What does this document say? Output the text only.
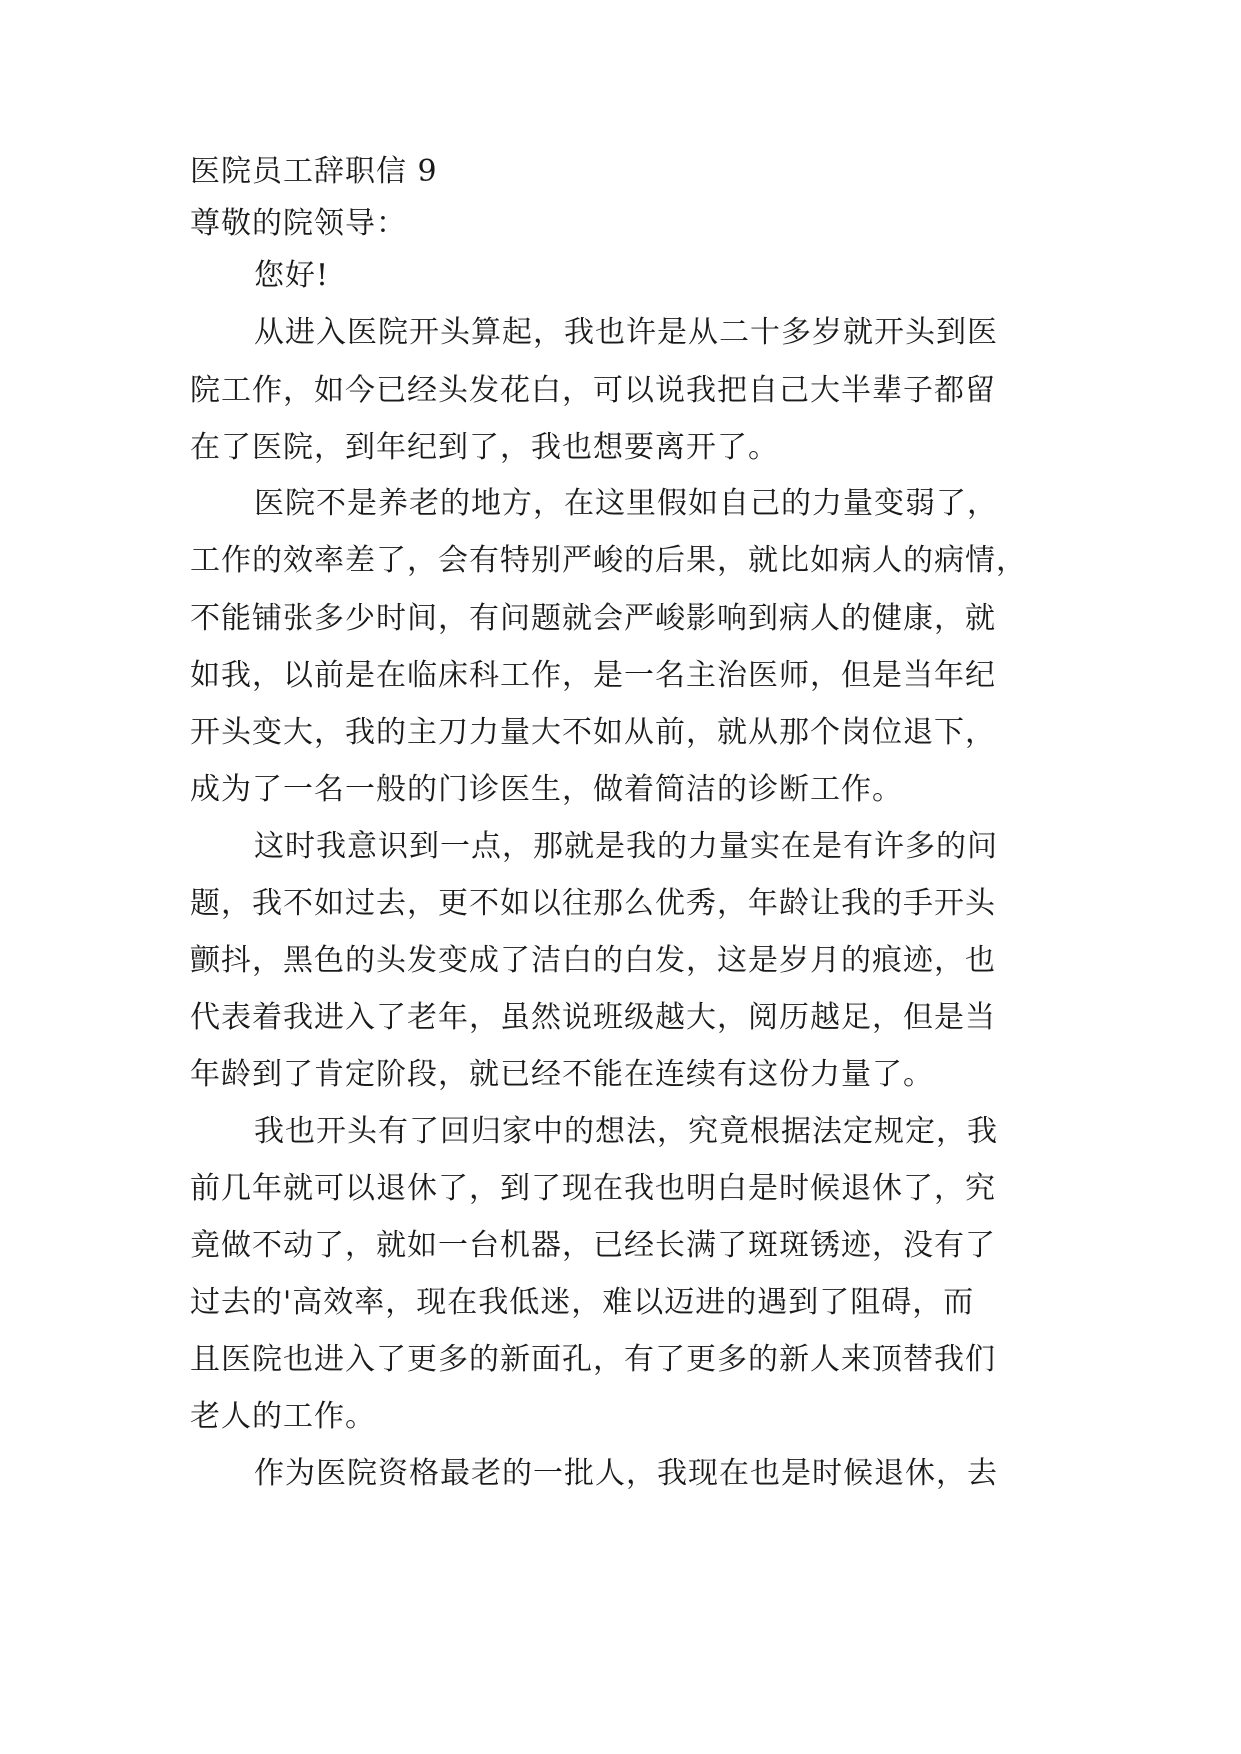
医院员工辞职信 9
尊敬的院领导：
您好!
从进入医院开头算起，我也许是从二十多岁就开头到医
院工作，如今已经头发花白，可以说我把自己大半辈子都留
在了医院，到年纪到了，我也想要离开了。
医院不是养老的地方，在这里假如自己的力量变弱了，
工作的效率差了，会有特别严峻的后果，就比如病人的病情，
不能铺张多少时间，有问题就会严峻影响到病人的健康，就
如我，以前是在临床科工作，是一名主治医师，但是当年纪
开头变大，我的主刀力量大不如从前，就从那个岗位退下，
成为了一名一般的门诊医生，做着简洁的诊断工作。
这时我意识到一点，那就是我的力量实在是有许多的问
题，我不如过去，更不如以往那么优秀，年龄让我的手开头
颤抖，黑色的头发变成了洁白的白发，这是岁月的痕迹，也
代表着我进入了老年，虽然说班级越大，阅历越足，但是当
年龄到了肯定阶段，就已经不能在连续有这份力量了。
我也开头有了回归家中的想法，究竟根据法定规定，我
前几年就可以退休了，到了现在我也明白是时候退休了，究
竟做不动了，就如一台机器，已经长满了斑斑锈迹，没有了
过去的'高效率，现在我低迷，难以迈进的遇到了阻碍，而
且医院也进入了更多的新面孔，有了更多的新人来顶替我们
老人的工作。
作为医院资格最老的一批人，我现在也是时候退休，去
